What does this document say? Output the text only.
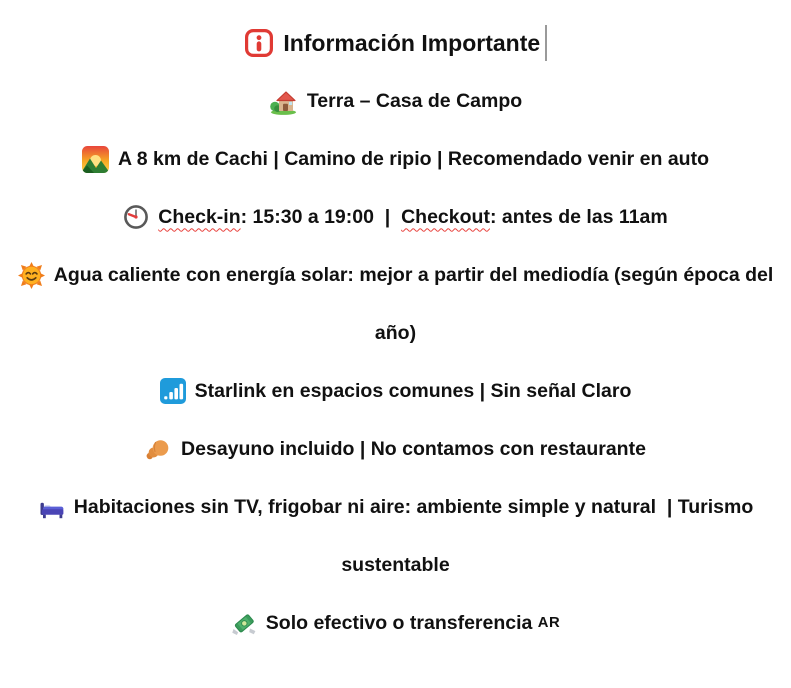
Información Importante
Terra – Casa de Campo
A 8 km de Cachi | Camino de ripio | Recomendado venir en auto
Check-in : 15:30 a 19:00  | Checkout : antes de las 11am
Agua caliente con energía solar: mejor a partir del mediodía (según época del
año)
Starlink en espacios comunes | Sin señal Claro
Desayuno incluido | No contamos con restaurante
Habitaciones sin TV, frigobar ni aire: ambiente simple y natural  | Turismo
sustentable
Solo efectivo o transferencia AR
